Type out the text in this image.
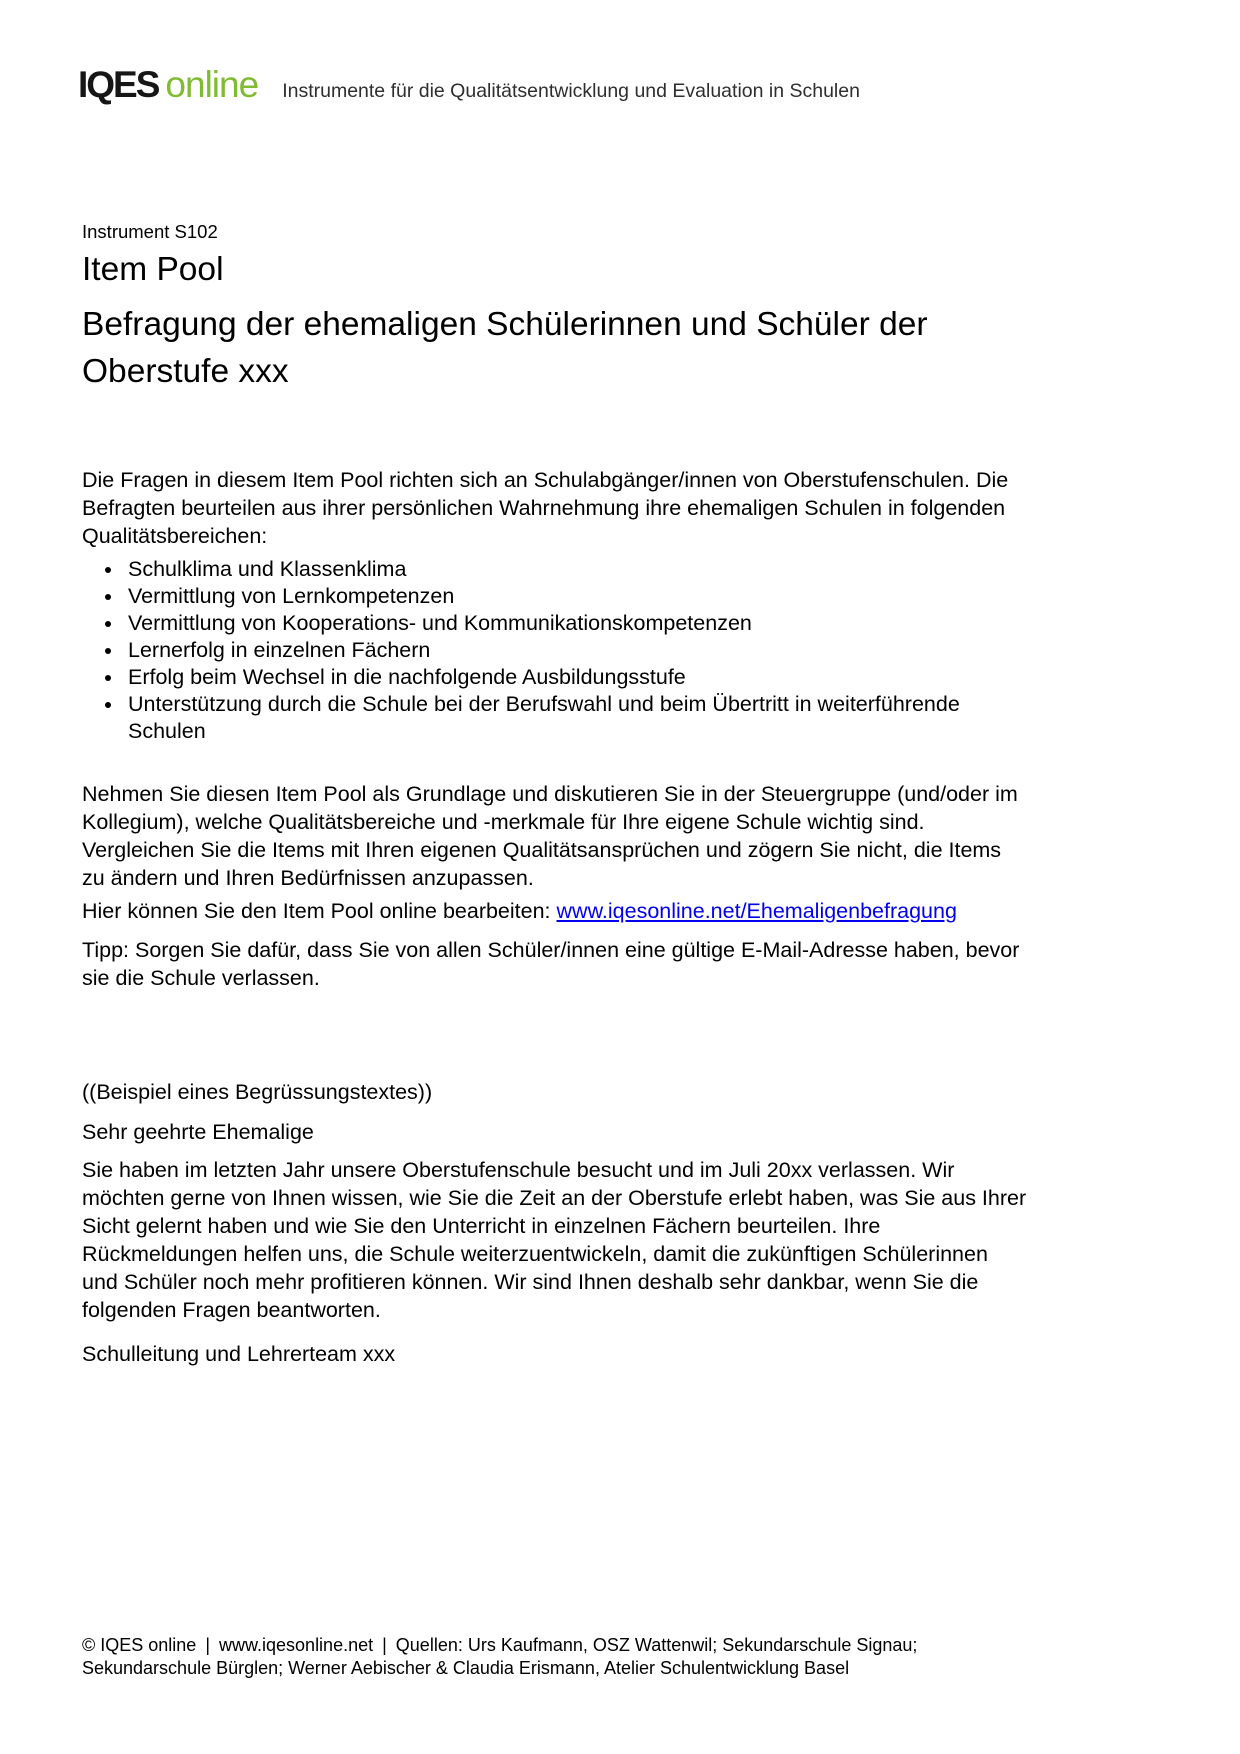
IQES online Instrumente für die Qualitätsentwicklung und Evaluation in Schulen
Instrument S102
Item Pool
Befragung der ehemaligen Schülerinnen und Schüler der Oberstufe xxx

Die Fragen in diesem Item Pool richten sich an Schulabgänger/innen von Oberstufenschulen. Die Befragten beurteilen aus ihrer persönlichen Wahrnehmung ihre ehemaligen Schulen in folgenden Qualitätsbereichen:

• Schulklima und Klassenklima
• Vermittlung von Lernkompetenzen
• Vermittlung von Kooperations- und Kommunikationskompetenzen
• Lernerfolg in einzelnen Fächern
• Erfolg beim Wechsel in die nachfolgende Ausbildungsstufe
• Unterstützung durch die Schule bei der Berufswahl und beim Übertritt in weiterführende Schulen

Nehmen Sie diesen Item Pool als Grundlage und diskutieren Sie in der Steuergruppe (und/oder im Kollegium), welche Qualitätsbereiche und -merkmale für Ihre eigene Schule wichtig sind. Vergleichen Sie die Items mit Ihren eigenen Qualitätsansprüchen und zögern Sie nicht, die Items zu ändern und Ihren Bedürfnissen anzupassen.

Hier können Sie den Item Pool online bearbeiten: www.iqesonline.net/Ehemaligenbefragung

Tipp: Sorgen Sie dafür, dass Sie von allen Schüler/innen eine gültige E-Mail-Adresse haben, bevor sie die Schule verlassen.

((Beispiel eines Begrüssungstextes))

Sehr geehrte Ehemalige

Sie haben im letzten Jahr unsere Oberstufenschule besucht und im Juli 20xx verlassen. Wir möchten gerne von Ihnen wissen, wie Sie die Zeit an der Oberstufe erlebt haben, was Sie aus Ihrer Sicht gelernt haben und wie Sie den Unterricht in einzelnen Fächern beurteilen. Ihre Rückmeldungen helfen uns, die Schule weiterzuentwickeln, damit die zukünftigen Schülerinnen und Schüler noch mehr profitieren können. Wir sind Ihnen deshalb sehr dankbar, wenn Sie die folgenden Fragen beantworten.

Schulleitung und Lehrerteam xxx

© IQES online | www.iqesonline.net | Quellen: Urs Kaufmann, OSZ Wattenwil; Sekundarschule Signau; Sekundarschule Bürglen; Werner Aebischer & Claudia Erismann, Atelier Schulentwicklung Basel
